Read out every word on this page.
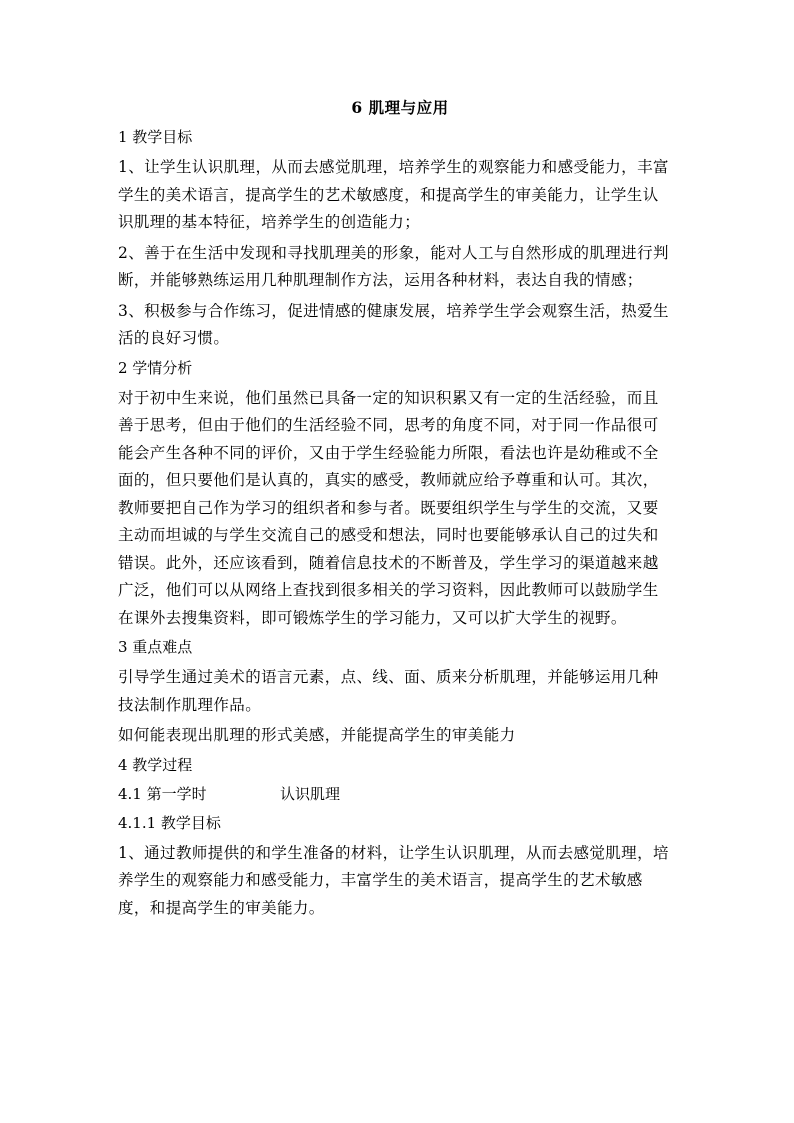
6 肌理与应用
1 教学目标

1、让学生认识肌理，从而去感觉肌理，培养学生的观察能力和感受能力，丰富
学生的美术语言，提高学生的艺术敏感度，和提高学生的审美能力，让学生认
识肌理的基本特征，培养学生的创造能力；

2、善于在生活中发现和寻找肌理美的形象，能对人工与自然形成的肌理进行判
断，并能够熟练运用几种肌理制作方法，运用各种材料，表达自我的情感；

3、积极参与合作练习，促进情感的健康发展，培养学生学会观察生活，热爱生
活的良好习惯。

2 学情分析

对于初中生来说，他们虽然已具备一定的知识积累又有一定的生活经验，而且
善于思考，但由于他们的生活经验不同，思考的角度不同，对于同一作品很可
能会产生各种不同的评价，又由于学生经验能力所限，看法也许是幼稚或不全
面的，但只要他们是认真的，真实的感受，教师就应给予尊重和认可。其次，
教师要把自己作为学习的组织者和参与者。既要组织学生与学生的交流，又要
主动而坦诚的与学生交流自己的感受和想法，同时也要能够承认自己的过失和
错误。此外，还应该看到，随着信息技术的不断普及，学生学习的渠道越来越
广泛，他们可以从网络上查找到很多相关的学习资料，因此教师可以鼓励学生
在课外去搜集资料，即可锻炼学生的学习能力，又可以扩大学生的视野。

3 重点难点

引导学生通过美术的语言元素，点、线、面、质来分析肌理，并能够运用几种
技法制作肌理作品。

如何能表现出肌理的形式美感，并能提高学生的审美能力

4 教学过程
4.1 第一学时	认识肌理
4.1.1 教学目标

1、通过教师提供的和学生准备的材料，让学生认识肌理，从而去感觉肌理，培
养学生的观察能力和感受能力，丰富学生的美术语言，提高学生的艺术敏感
度，和提高学生的审美能力。
